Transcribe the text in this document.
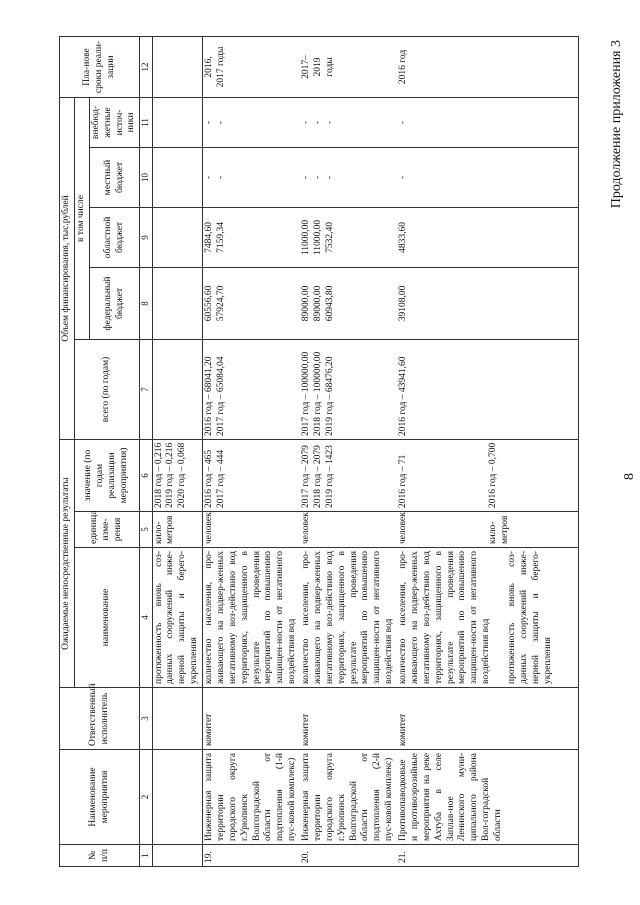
8
Продолжение приложения 3
№ п/п	Наименование мероприятия	Ответственный исполнитель	Ожидаемые непосредственные результаты			Объем финансирования, тыс.рублей					Пла-нове сроки реали-зации
			наименование	единица изме-рения	значение (по годам реализации мероприятия)	всего (по годам)	в том числе				
							федеральный бюджет	областной бюджет	местный бюджет	внебюд-жетные источ-ники	

1	2	3	4	5	6	7	8	9	10	11	12
			протяженность вновь соз-данных сооружений инже-нерной защиты и берего-укрепления	кило-метров	2018 год – 0,216 2019 год – 0,216 2020 год – 0,068						

19.	Инженерная защита территории городского округа г.Урюпинск Волгоградской области от подтопления (1-й пус-ковой комплекс)	комитет	количество населения, про-живающего на подвер-женных негативному воз-действию вод территориях, защищенного в результате проведения мероприятий по повышению защищен-ности от негативного воздействия вод	человек	2016 год – 465 2017 год – 444	2016 год – 68041,20 2017 год – 65084,04	60556,60 57924,70	7484,60 7159,34	- -	- -	2016, 2017 годы

20.	Инженерная защита территории городского округа г.Урюпинск Волгоградской области от подтопления (2-й пус-ковой комплекс)	комитет	количество населения, про-живающего на подвер-женных негативному воз-действию вод территориях, защищенного в результате проведения мероприятий по повышению защищен-ности от негативного воздействия вод	человек	2017 год – 2079 2018 год – 2079 2019 год – 1423	2017 год – 100000,00 2018 год – 100000,00 2019 год – 68476,20	89000,00 89000,00 60943,80	11000,00 11000,00 7532,40	- - -	- - -	2017– 2019 годы

21.	Противопаводковые и противоэрозийные мероприятия на реке Ахтуба в селе Заплав-ное Ленинского муни-ципального района Вол-гоградской области	комитет	количество населения, про-живающего на подвер-женных негативному воз-действию вод территориях, защищенного в результате проведения мероприятий по повышению защищен-ности от негативного воздействия вод протяженность вновь соз-данных сооружений инже-нерной защиты и берего-укрепления	человек кило-метров	2016 год – 71 2016 год – 0,700	2016 год – 43941,60	39108,00	4833,60	-	-	2016 год
